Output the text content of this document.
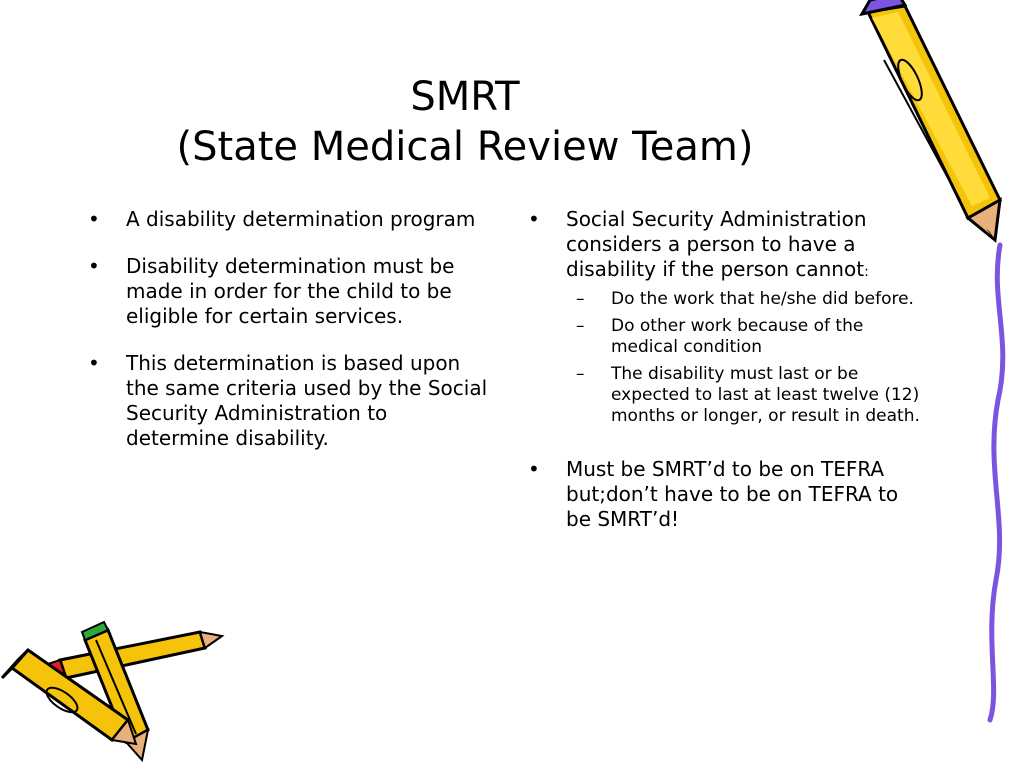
SMRT
(State Medical Review Team)
• A disability determination program
• Disability determination must be made in order for the child to be eligible for certain services.
• This determination is based upon the same criteria used by the Social Security Administration to determine disability.
• Social Security Administration considers a person to have a disability if the person cannot:
– Do the work that he/she did before.
– Do other work because of the medical condition
– The disability must last or be expected to last at least twelve (12) months or longer, or result in death.
• Must be SMRT’d to be on TEFRA but;don’t have to be on TEFRA to be SMRT’d!
